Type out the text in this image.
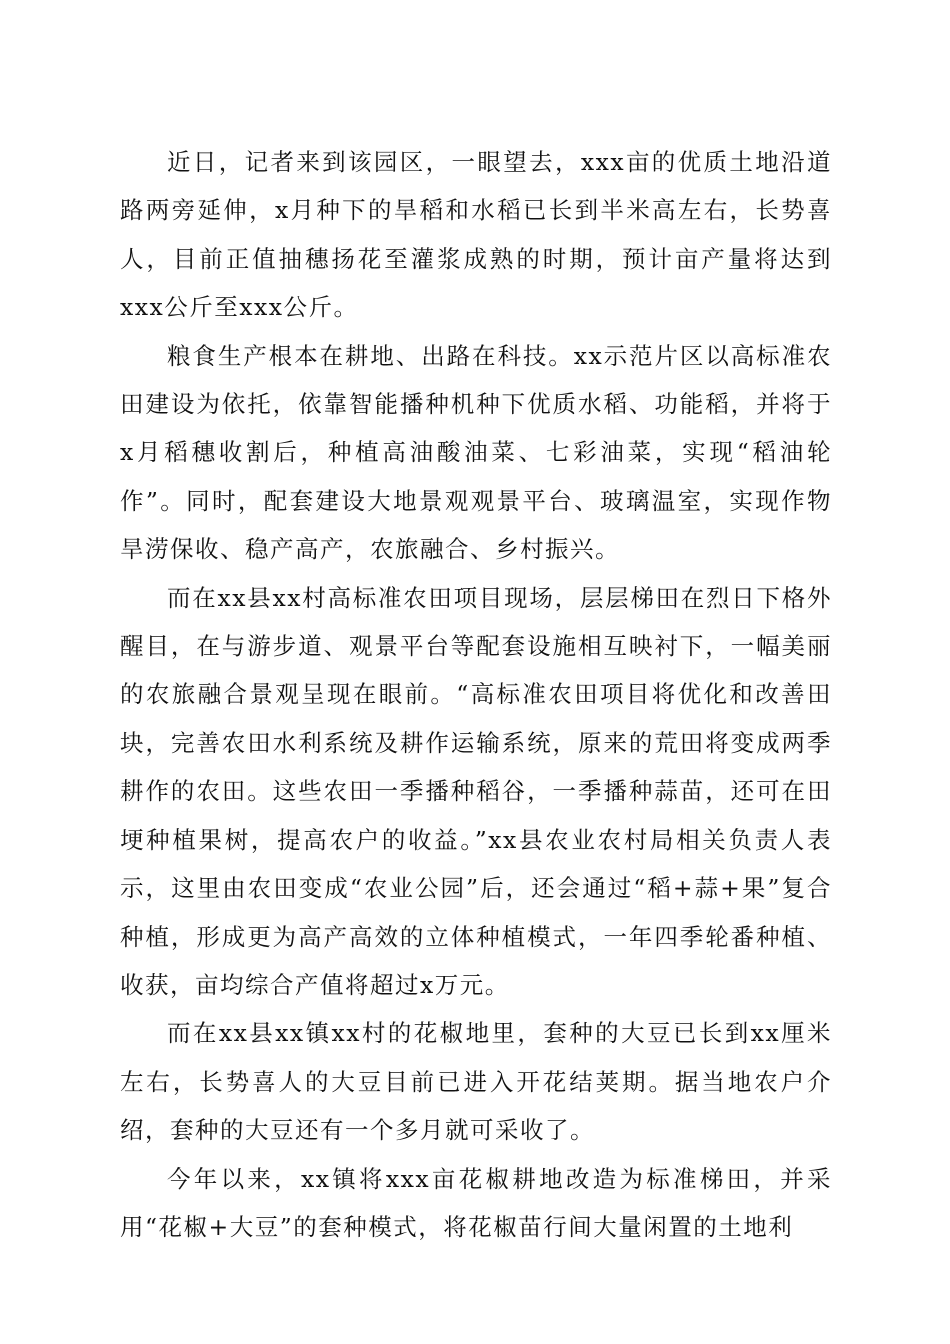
近日，记者来到该园区，一眼望去，xxx亩的优质土地沿道路两旁延伸，x月种下的旱稻和水稻已长到半米高左右，长势喜人，目前正值抽穗扬花至灌浆成熟的时期，预计亩产量将达到xxx公斤至xxx公斤。

粮食生产根本在耕地、出路在科技。xx示范片区以高标准农田建设为依托，依靠智能播种机种下优质水稻、功能稻，并将于x月稻穗收割后，种植高油酸油菜、七彩油菜，实现“稻油轮作”。同时，配套建设大地景观观景平台、玻璃温室，实现作物旱涝保收、稳产高产，农旅融合、乡村振兴。

而在xx县xx村高标准农田项目现场，层层梯田在烈日下格外醒目，在与游步道、观景平台等配套设施相互映衬下，一幅美丽的农旅融合景观呈现在眼前。“高标准农田项目将优化和改善田块，完善农田水利系统及耕作运输系统，原来的荒田将变成两季耕作的农田。这些农田一季播种稻谷，一季播种蒜苗，还可在田埂种植果树，提高农户的收益。”xx县农业农村局相关负责人表示，这里由农田变成“农业公园”后，还会通过“稻+蒜+果”复合种植，形成更为高产高效的立体种植模式，一年四季轮番种植、收获，亩均综合产值将超过x万元。

而在xx县xx镇xx村的花椒地里，套种的大豆已长到xx厘米左右，长势喜人的大豆目前已进入开花结荚期。据当地农户介绍，套种的大豆还有一个多月就可采收了。

今年以来，xx镇将xxx亩花椒耕地改造为标准梯田，并采用“花椒+大豆”的套种模式，将花椒苗行间大量闲置的土地利
